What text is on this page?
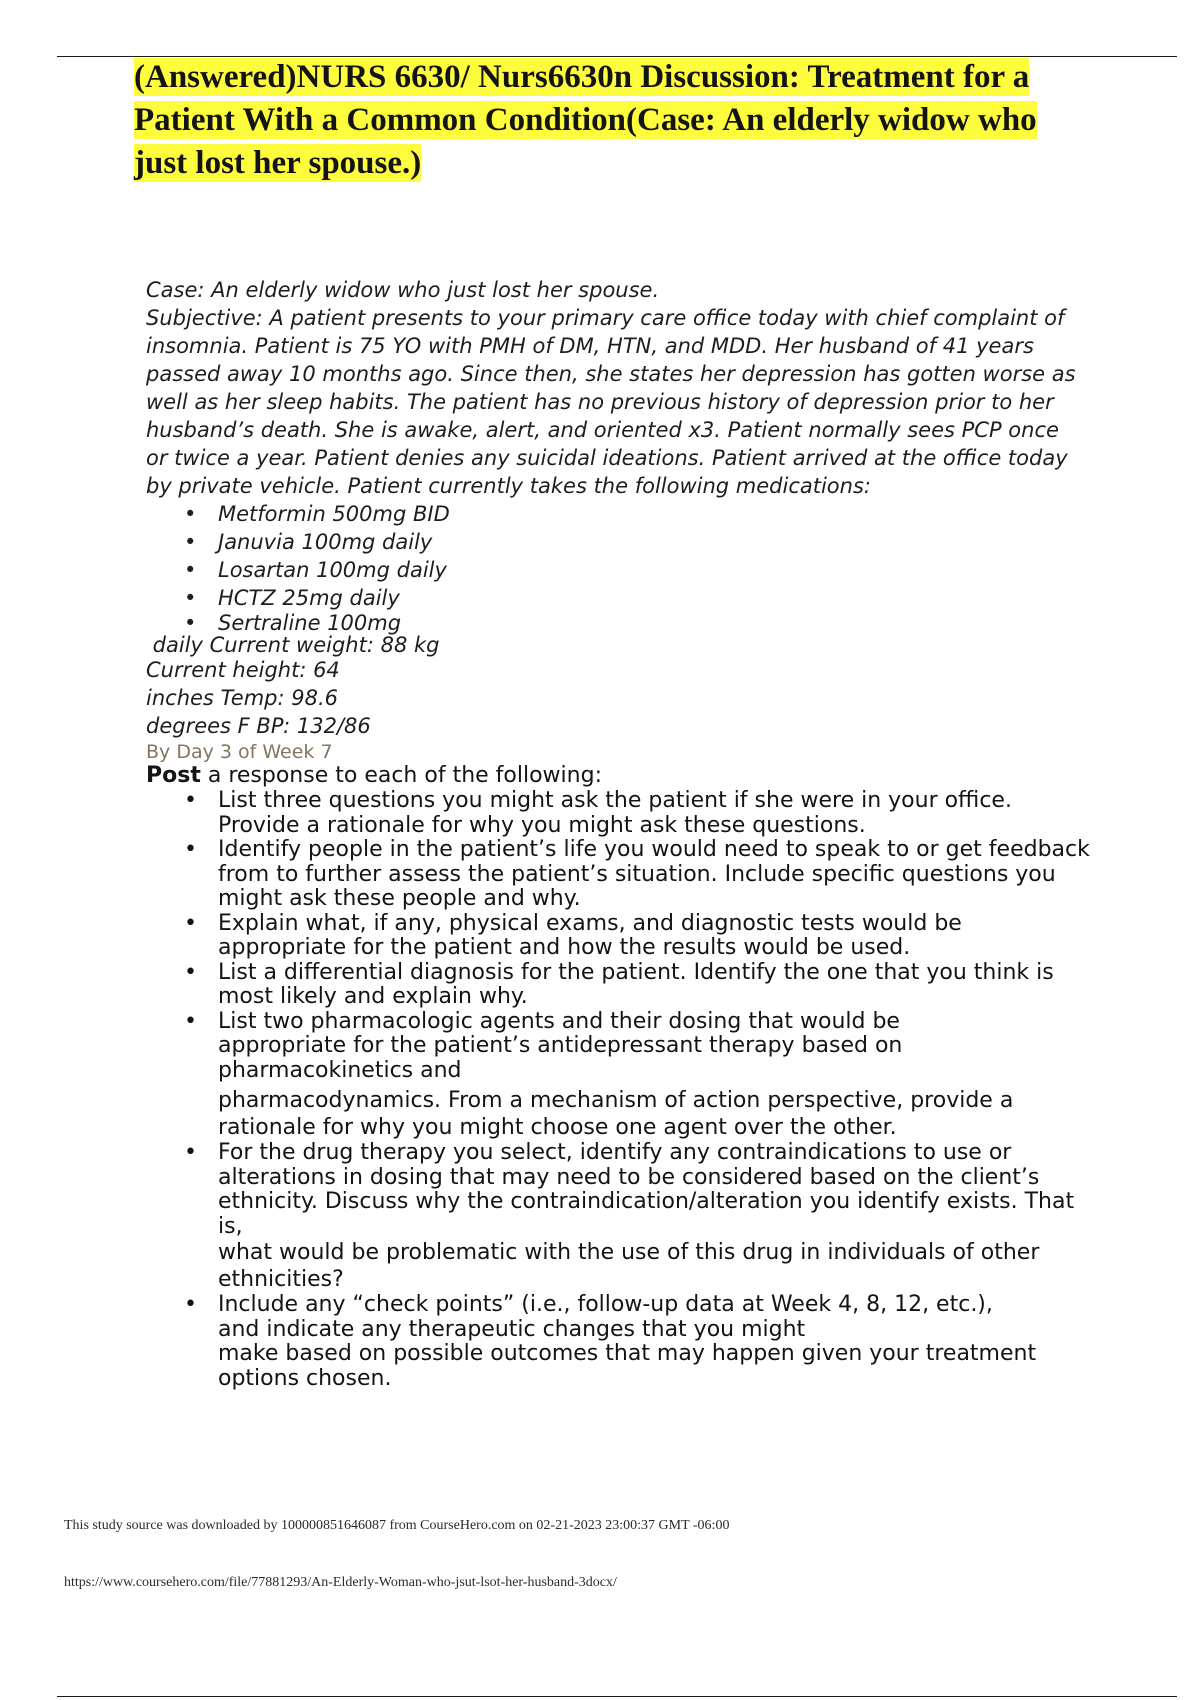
(Answered)NURS 6630/ Nurs6630n Discussion: Treatment for a Patient With a Common Condition(Case: An elderly widow who just lost her spouse.)

Case: An elderly widow who just lost her spouse.

Subjective: A patient presents to your primary care office today with chief complaint of insomnia. Patient is 75 YO with PMH of DM, HTN, and MDD. Her husband of 41 years passed away 10 months ago. Since then, she states her depression has gotten worse as well as her sleep habits. The patient has no previous history of depression prior to her husband’s death. She is awake, alert, and oriented x3. Patient normally sees PCP once or twice a year. Patient denies any suicidal ideations. Patient arrived at the office today by private vehicle. Patient currently takes the following medications:

• Metformin 500mg BID
• Januvia 100mg daily
• Losartan 100mg daily
• HCTZ 25mg daily
• Sertraline 100mg

daily Current weight: 88 kg
Current height: 64
inches Temp: 98.6
degrees F BP: 132/86

By Day 3 of Week 7

Post a response to each of the following:

• List three questions you might ask the patient if she were in your office. Provide a rationale for why you might ask these questions.
• Identify people in the patient’s life you would need to speak to or get feedback from to further assess the patient’s situation. Include specific questions you might ask these people and why.
• Explain what, if any, physical exams, and diagnostic tests would be appropriate for the patient and how the results would be used.
• List a differential diagnosis for the patient. Identify the one that you think is most likely and explain why.
• List two pharmacologic agents and their dosing that would be appropriate for the patient’s antidepressant therapy based on pharmacokinetics and
pharmacodynamics. From a mechanism of action perspective, provide a rationale for why you might choose one agent over the other.
• For the drug therapy you select, identify any contraindications to use or alterations in dosing that may need to be considered based on the client’s ethnicity. Discuss why the contraindication/alteration you identify exists. That is,
what would be problematic with the use of this drug in individuals of other ethnicities?
• Include any “check points” (i.e., follow-up data at Week 4, 8, 12, etc.), and indicate any therapeutic changes that you might
make based on possible outcomes that may happen given your treatment options chosen.
This study source was downloaded by 100000851646087 from CourseHero.com on 02-21-2023 23:00:37 GMT -06:00
https://www.coursehero.com/file/77881293/An-Elderly-Woman-who-jsut-lsot-her-husband-3docx/
